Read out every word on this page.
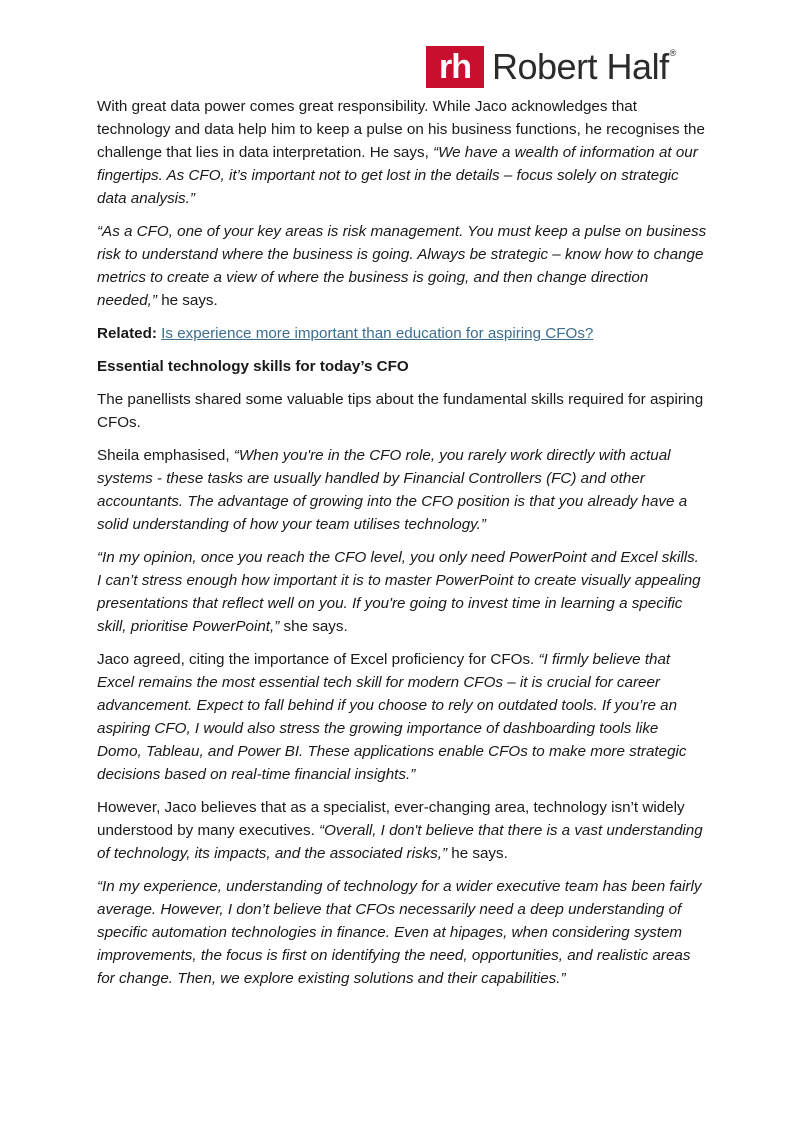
rh Robert Half®

With great data power comes great responsibility. While Jaco acknowledges that technology and data help him to keep a pulse on his business functions, he recognises the challenge that lies in data interpretation. He says, “We have a wealth of information at our fingertips. As CFO, it’s important not to get lost in the details – focus solely on strategic data analysis.”

“As a CFO, one of your key areas is risk management. You must keep a pulse on business risk to understand where the business is going. Always be strategic – know how to change metrics to create a view of where the business is going, and then change direction needed,” he says.

Related: Is experience more important than education for aspiring CFOs?

Essential technology skills for today’s CFO

The panellists shared some valuable tips about the fundamental skills required for aspiring CFOs.

Sheila emphasised, “When you're in the CFO role, you rarely work directly with actual systems - these tasks are usually handled by Financial Controllers (FC) and other accountants. The advantage of growing into the CFO position is that you already have a solid understanding of how your team utilises technology.”

“In my opinion, once you reach the CFO level, you only need PowerPoint and Excel skills. I can’t stress enough how important it is to master PowerPoint to create visually appealing presentations that reflect well on you. If you're going to invest time in learning a specific skill, prioritise PowerPoint,” she says.

Jaco agreed, citing the importance of Excel proficiency for CFOs. “I firmly believe that Excel remains the most essential tech skill for modern CFOs – it is crucial for career advancement. Expect to fall behind if you choose to rely on outdated tools. If you’re an aspiring CFO, I would also stress the growing importance of dashboarding tools like Domo, Tableau, and Power BI. These applications enable CFOs to make more strategic decisions based on real-time financial insights.”

However, Jaco believes that as a specialist, ever-changing area, technology isn’t widely understood by many executives. “Overall, I don't believe that there is a vast understanding of technology, its impacts, and the associated risks,” he says.

“In my experience, understanding of technology for a wider executive team has been fairly average. However, I don’t believe that CFOs necessarily need a deep understanding of specific automation technologies in finance. Even at hipages, when considering system improvements, the focus is first on identifying the need, opportunities, and realistic areas for change. Then, we explore existing solutions and their capabilities.”
